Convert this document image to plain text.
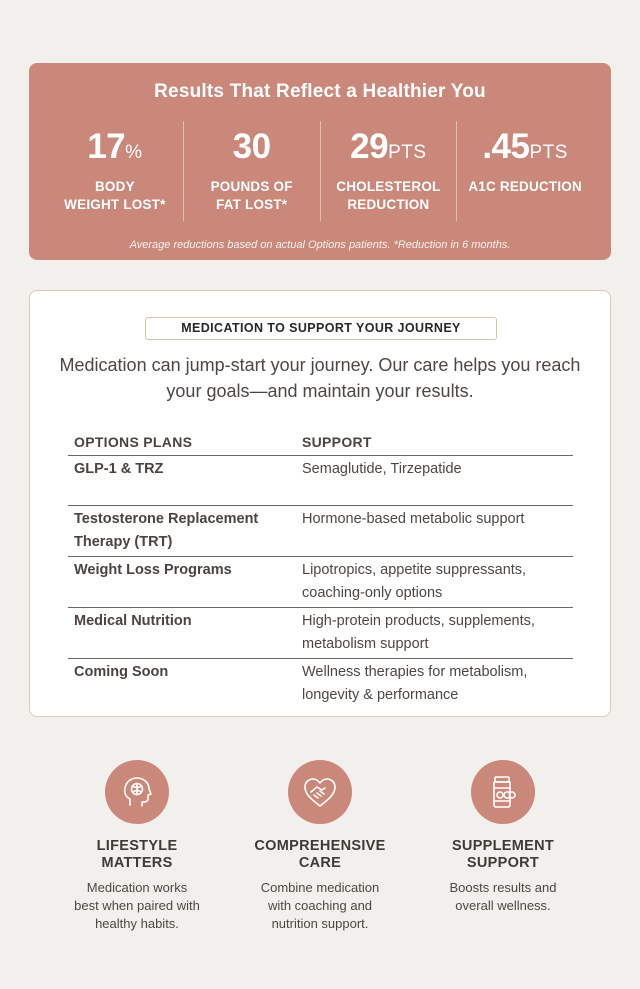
Results That Reflect a Healthier You
17%
BODY
WEIGHT LOST*
30
POUNDS OF
FAT LOST*
29PTS
CHOLESTEROL
REDUCTION
.45PTS
A1C REDUCTION

Average reductions based on actual Options patients. *Reduction in 6 months.

MEDICATION TO SUPPORT YOUR JOURNEY

Medication can jump-start your journey. Our care helps you reach your goals—and maintain your results.

OPTIONS PLANS	SUPPORT
GLP-1 & TRZ	Semaglutide, Tirzepatide
Testosterone Replacement Therapy (TRT)	Hormone-based metabolic support
Weight Loss Programs	Lipotropics, appetite suppressants, coaching-only options
Medical Nutrition	High-protein products, supplements, metabolism support
Coming Soon	Wellness therapies for metabolism, longevity & performance
LIFESTYLE
MATTERS
Medication works
best when paired with
healthy habits.
COMPREHENSIVE
CARE
Combine medication
with coaching and
nutrition support.
SUPPLEMENT
SUPPORT
Boosts results and
overall wellness.
